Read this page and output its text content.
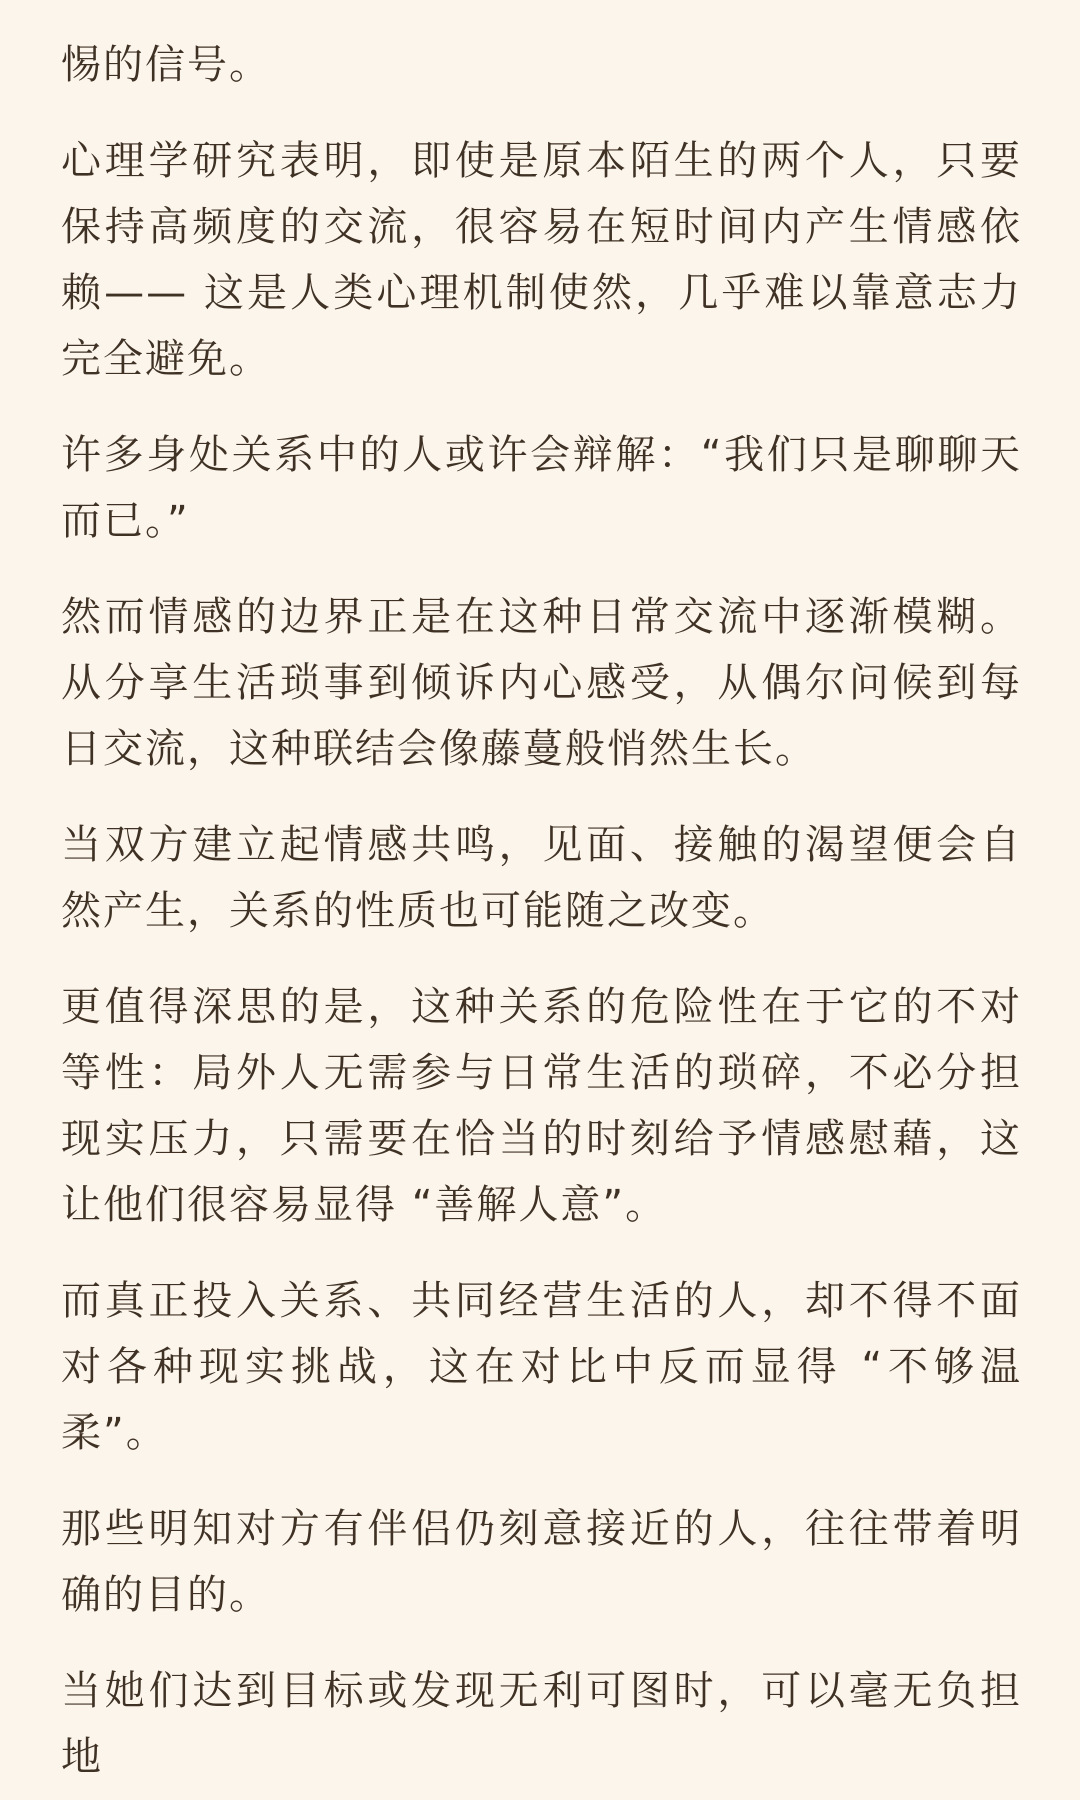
惕的信号。

心理学研究表明，即使是原本陌生的两个人，只要保持高频度的交流，很容易在短时间内产生情感依赖—— 这是人类心理机制使然，几乎难以靠意志力完全避免。

许多身处关系中的人或许会辩解：“我们只是聊聊天而已。”

然而情感的边界正是在这种日常交流中逐渐模糊。从分享生活琐事到倾诉内心感受，从偶尔问候到每日交流，这种联结会像藤蔓般悄然生长。

当双方建立起情感共鸣，见面、接触的渴望便会自然产生，关系的性质也可能随之改变。

更值得深思的是，这种关系的危险性在于它的不对等性：局外人无需参与日常生活的琐碎，不必分担现实压力，只需要在恰当的时刻给予情感慰藉，这让他们很容易显得 “善解人意”。

而真正投入关系、共同经营生活的人，却不得不面对各种现实挑战，这在对比中反而显得 “不够温柔”。

那些明知对方有伴侣仍刻意接近的人，往往带着明确的目的。

当她们达到目标或发现无利可图时，可以毫无负担地
